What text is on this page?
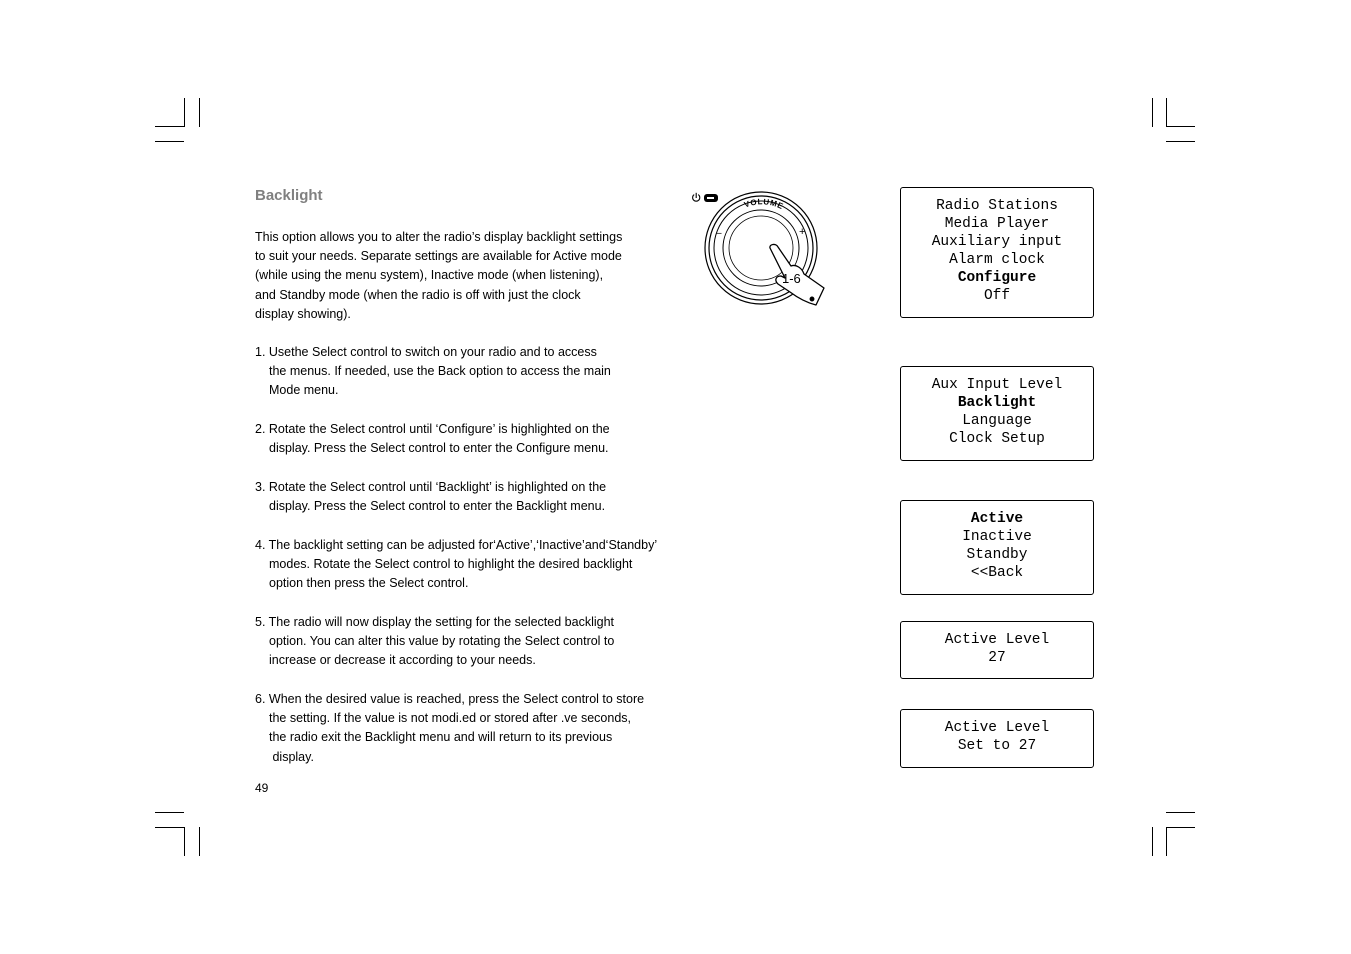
Backlight
This option allows you to alter the radio’s display backlight settings
to suit your needs. Separate settings are available for Active mode
(while using the menu system), Inactive mode (when listening),
and Standby mode (when the radio is off with just the clock
display showing).
1. Usethe Select control to switch on your radio and to access
the menus. If needed, use the Back option to access the main
Mode menu.
2. Rotate the Select control until ‘Configure’ is highlighted on the
display. Press the Select control to enter the Configure menu.
3. Rotate the Select control until ‘Backlight’ is highlighted on the
display. Press the Select control to enter the Backlight menu.
4. The backlight setting can be adjusted for‘Active’,‘Inactive’and‘Standby’
modes. Rotate the Select control to highlight the desired backlight
option then press the Select control.
5. The radio will now display the setting for the selected backlight
option. You can alter this value by rotating the Select control to
increase or decrease it according to your needs.
6. When the desired value is reached, press the Select control to store
the setting. If the value is not modi.ed or stored after .ve seconds,
the radio exit the Backlight menu and will return to its previous
display.
49
VOLUME
–	+
1-6
Radio Stations
Media Player
Auxiliary input
Alarm clock
Configure
Off
Aux Input Level
Backlight
Language
Clock Setup
Active
Inactive
Standby
<<Back
Active Level
27
Active Level
Set to 27
